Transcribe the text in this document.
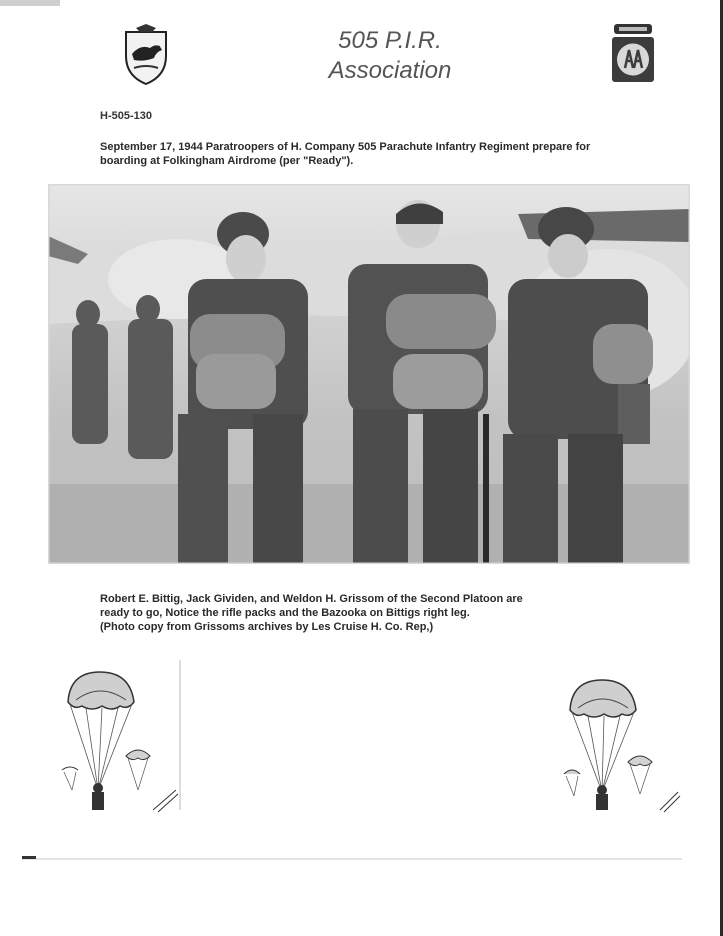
505 P.I.R.
Association
H-505-130
September 17, 1944 Paratroopers of H. Company 505 Parachute Infantry Regiment prepare for boarding at Folkingham Airdrome (per "Ready").
Robert E. Bittig, Jack Gividen, and Weldon H. Grissom of the Second Platoon are
ready to go, Notice the rifle packs and the Bazooka on Bittigs right leg.
(Photo copy from Grissoms archives by Les Cruise H. Co. Rep,)
